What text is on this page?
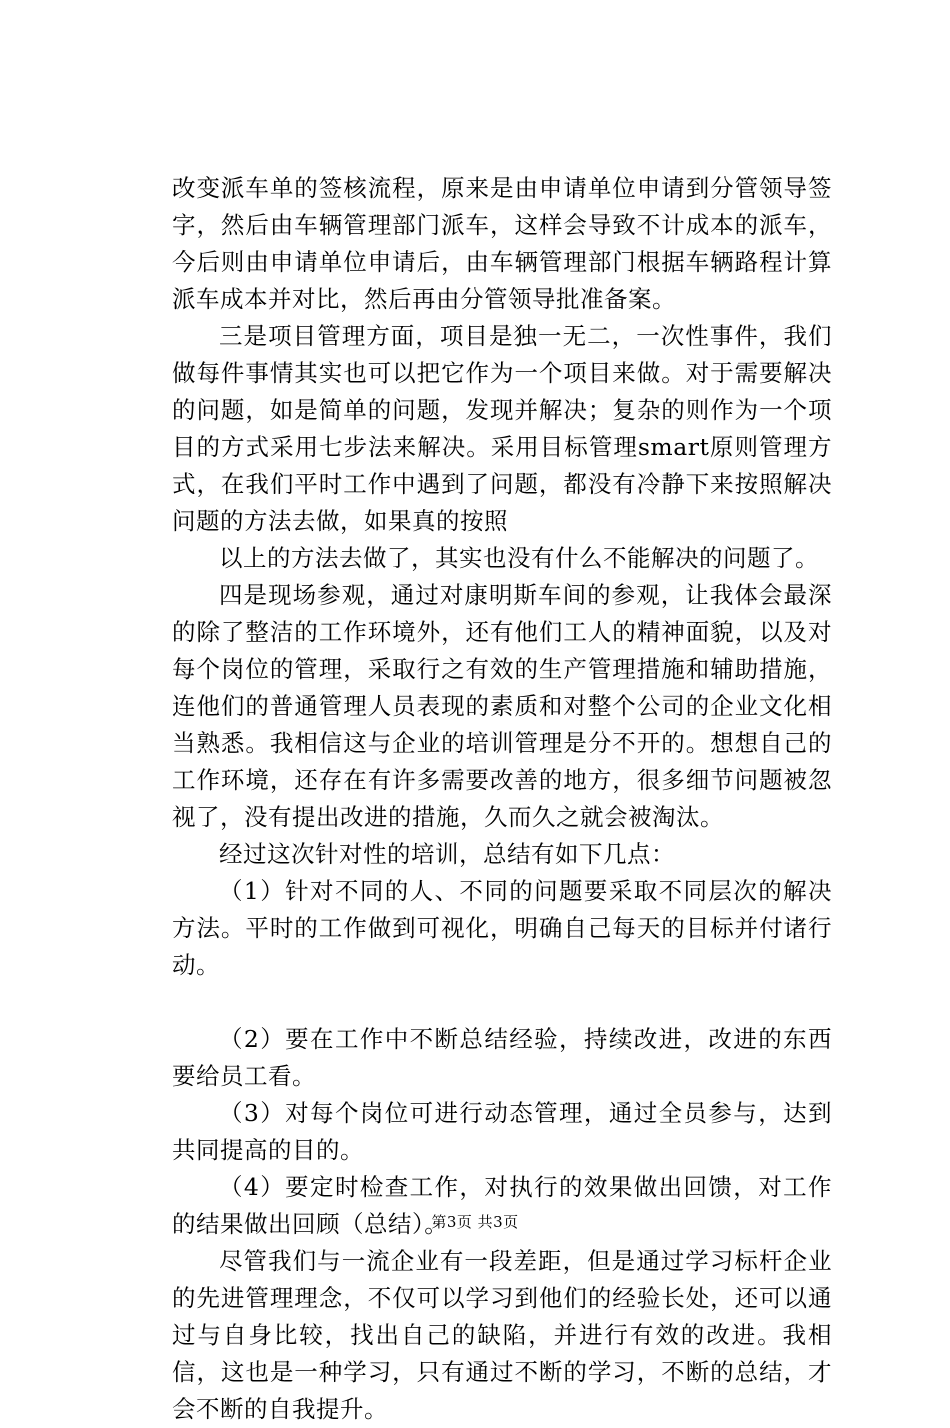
改变派车单的签核流程，原来是由申请单位申请到分管领导签字，然后由车辆管理部门派车，这样会导致不计成本的派车，今后则由申请单位申请后，由车辆管理部门根据车辆路程计算派车成本并对比，然后再由分管领导批准备案。

三是项目管理方面，项目是独一无二，一次性事件，我们做每件事情其实也可以把它作为一个项目来做。对于需要解决的问题，如是简单的问题，发现并解决；复杂的则作为一个项目的方式采用七步法来解决。采用目标管理smart原则管理方式，在我们平时工作中遇到了问题，都没有冷静下来按照解决问题的方法去做，如果真的按照

以上的方法去做了，其实也没有什么不能解决的问题了。

四是现场参观，通过对康明斯车间的参观，让我体会最深的除了整洁的工作环境外，还有他们工人的精神面貌，以及对每个岗位的管理，采取行之有效的生产管理措施和辅助措施，连他们的普通管理人员表现的素质和对整个公司的企业文化相当熟悉。我相信这与企业的培训管理是分不开的。想想自己的工作环境，还存在有许多需要改善的地方，很多细节问题被忽视了，没有提出改进的措施，久而久之就会被淘汰。

经过这次针对性的培训，总结有如下几点：

（1）针对不同的人、不同的问题要采取不同层次的解决方法。平时的工作做到可视化，明确自己每天的目标并付诸行动。

（2）要在工作中不断总结经验，持续改进，改进的东西要给员工看。

（3）对每个岗位可进行动态管理，通过全员参与，达到共同提高的目的。

（4）要定时检查工作，对执行的效果做出回馈，对工作的结果做出回顾（总结）。

尽管我们与一流企业有一段差距，但是通过学习标杆企业的先进管理理念，不仅可以学习到他们的经验长处，还可以通过与自身比较，找出自己的缺陷，并进行有效的改进。我相信，这也是一种学习，只有通过不断的学习，不断的总结，才会不断的自我提升。

第3页 共3页
